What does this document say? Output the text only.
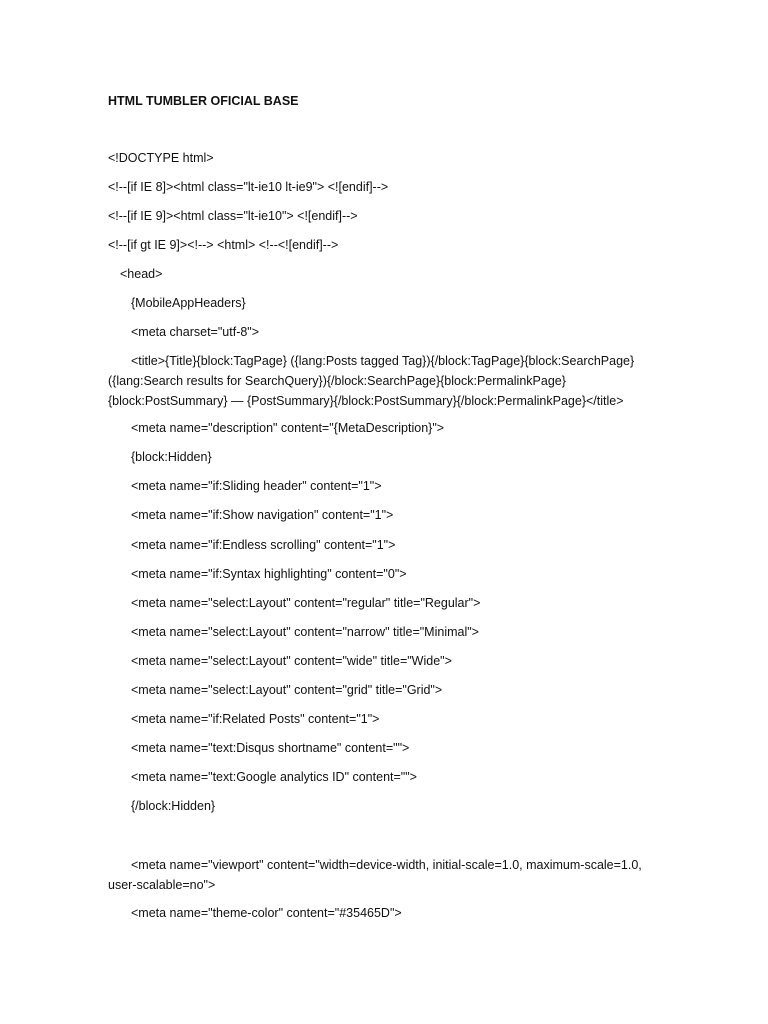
HTML TUMBLER OFICIAL BASE
<!DOCTYPE html>
<!--[if IE 8]><html class="lt-ie10 lt-ie9"> <![endif]-->
<!--[if IE 9]><html class="lt-ie10"> <![endif]-->
<!--[if gt IE 9]><!--> <html> <!--<![endif]-->
<head>
{MobileAppHeaders}
<meta charset="utf-8">
<title>{Title}{block:TagPage} ({lang:Posts tagged Tag}){/block:TagPage}{block:SearchPage} ({lang:Search results for SearchQuery}){/block:SearchPage}{block:PermalinkPage} {block:PostSummary} — {PostSummary}{/block:PostSummary}{/block:PermalinkPage}</title>
<meta name="description" content="{MetaDescription}">
{block:Hidden}
<meta name="if:Sliding header" content="1">
<meta name="if:Show navigation" content="1">
<meta name="if:Endless scrolling" content="1">
<meta name="if:Syntax highlighting" content="0">
<meta name="select:Layout" content="regular" title="Regular">
<meta name="select:Layout" content="narrow" title="Minimal">
<meta name="select:Layout" content="wide" title="Wide">
<meta name="select:Layout" content="grid" title="Grid">
<meta name="if:Related Posts" content="1">
<meta name="text:Disqus shortname" content="">
<meta name="text:Google analytics ID" content="">
{/block:Hidden}
<meta name="viewport" content="width=device-width, initial-scale=1.0, maximum-scale=1.0, user-scalable=no">
<meta name="theme-color" content="#35465D">
